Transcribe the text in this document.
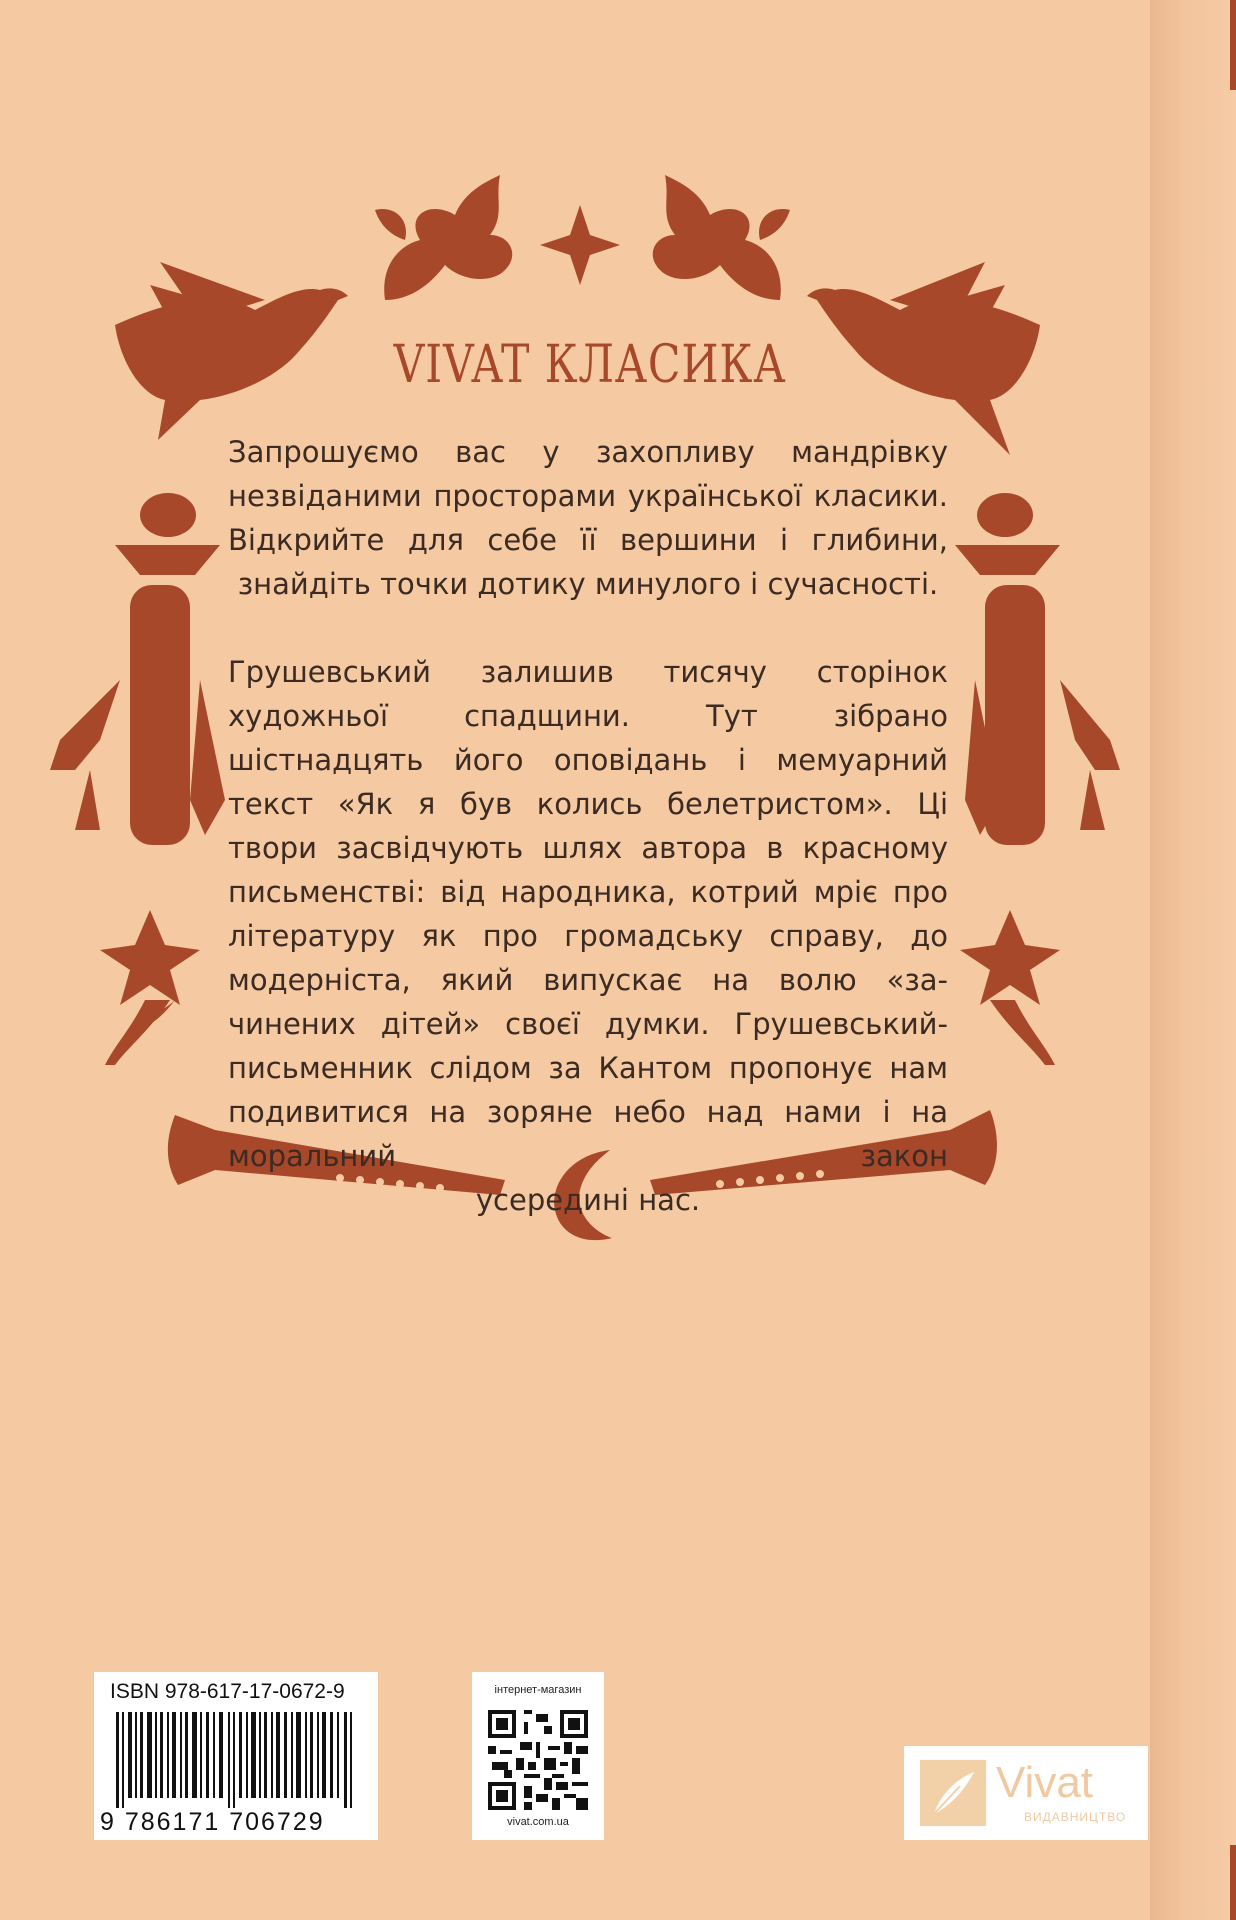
VIVAT КЛАСИКА

Запрошуємо вас у захопливу мандрівку незвіданими просторами української класики. Відкрийте для себе її вершини і глибини, знайдіть точки дотику минулого і сучасності.

Грушевський залишив тисячу сторінок художньої спадщини. Тут зібрано шістнадцять його оповідань і мемуарний текст «Як я був колись белетристом». Ці твори засвідчують шлях автора в красному письменстві: від народника, котрий мріє про літературу як про громадську справу, до модерніста, який випускає на волю «за- чинених дітей» своєї думки. Грушевський-письменник слідом за Кантом пропонує нам подивитися на зоряне небо над нами і на моральний закон

усередині нас.

ISBN 978-617-17-0672-9
9 786171 706729
інтернет-магазин
vivat.com.ua
Vivat
ВИДАВНИЦТВО
